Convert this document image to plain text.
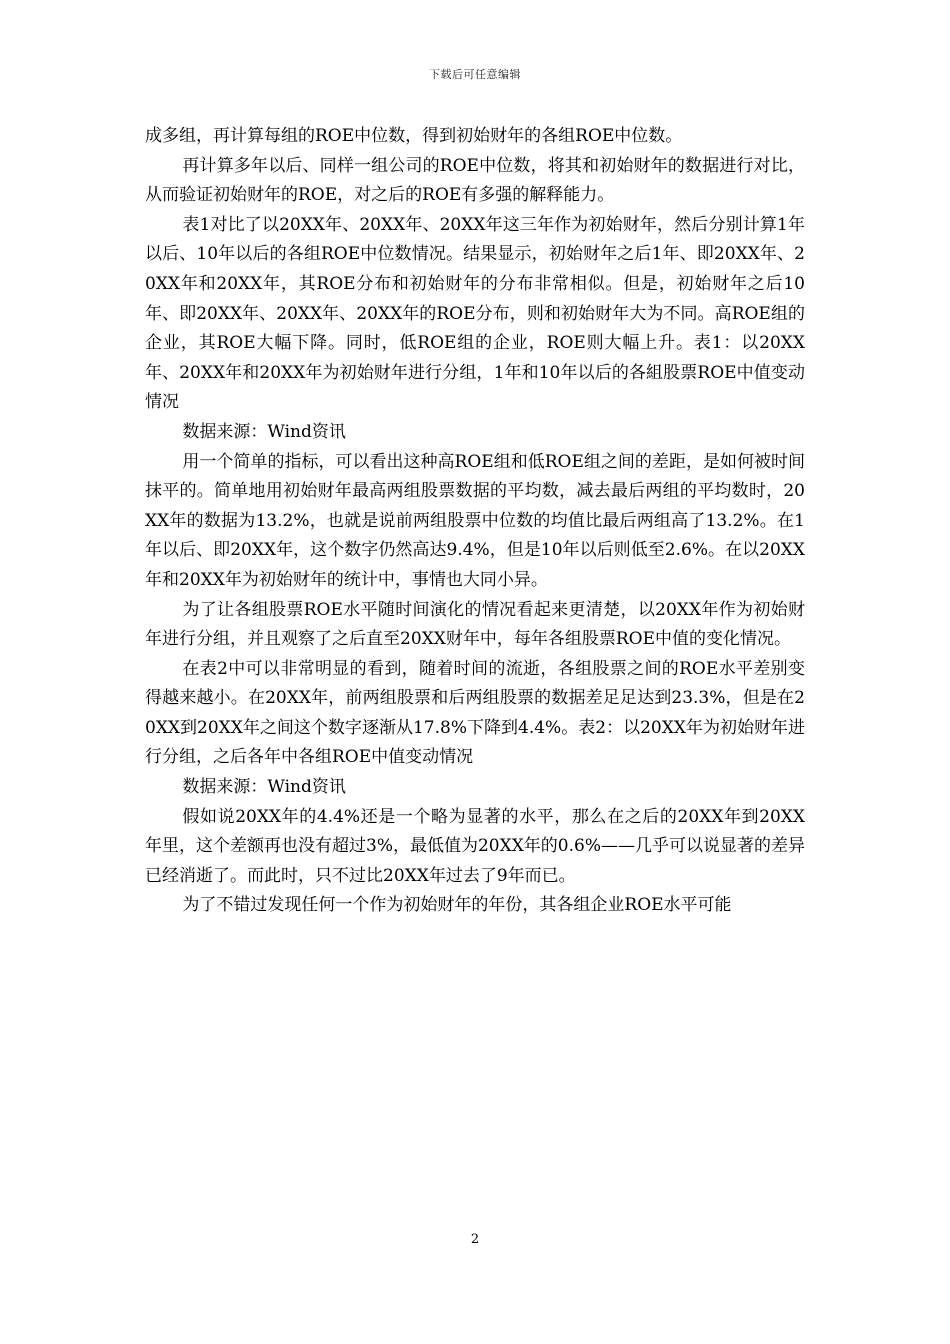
下载后可任意编辑

成多组，再计算每组的ROE中位数，得到初始财年的各组ROE中位数。

再计算多年以后、同样一组公司的ROE中位数，将其和初始财年的数据进行对比，从而验证初始财年的ROE，对之后的ROE有多强的解释能力。

表1对比了以20XX年、20XX年、20XX年这三年作为初始财年，然后分别计算1年以后、10年以后的各组ROE中位数情况。结果显示，初始财年之后1年、即20XX年、20XX年和20XX年，其ROE分布和初始财年的分布非常相似。但是，初始财年之后10年、即20XX年、20XX年、20XX年的ROE分布，则和初始财年大为不同。高ROE组的企业，其ROE大幅下降。同时，低ROE组的企业，ROE则大幅上升。表1：以20XX年、20XX年和20XX年为初始财年进行分组，1年和10年以后的各組股票ROE中值变动情况

数据来源：Wind资讯

用一个简单的指标，可以看出这种高ROE组和低ROE组之间的差距，是如何被时间抹平的。简单地用初始财年最高两组股票数据的平均数，减去最后两组的平均数时，20XX年的数据为13.2%，也就是说前两组股票中位数的均值比最后两组高了13.2%。在1年以后、即20XX年，这个数字仍然高达9.4%，但是10年以后则低至2.6%。在以20XX年和20XX年为初始财年的统计中，事情也大同小异。

为了让各组股票ROE水平随时间演化的情况看起来更清楚，以20XX年作为初始财年进行分组，并且观察了之后直至20XX财年中，每年各组股票ROE中值的变化情况。

在表2中可以非常明显的看到，随着时间的流逝，各组股票之间的ROE水平差别变得越来越小。在20XX年，前两组股票和后两组股票的数据差足足达到23.3%，但是在20XX到20XX年之间这个数字逐渐从17.8%下降到4.4%。表2：以20XX年为初始财年进行分组，之后各年中各组ROE中值变动情况

数据来源：Wind资讯

假如说20XX年的4.4%还是一个略为显著的水平，那么在之后的20XX年到20XX年里，这个差额再也没有超过3%，最低值为20XX年的0.6%——几乎可以说显著的差异已经消逝了。而此时，只不过比20XX年过去了9年而已。

为了不错过发现任何一个作为初始财年的年份，其各组企业ROE水平可能

2
